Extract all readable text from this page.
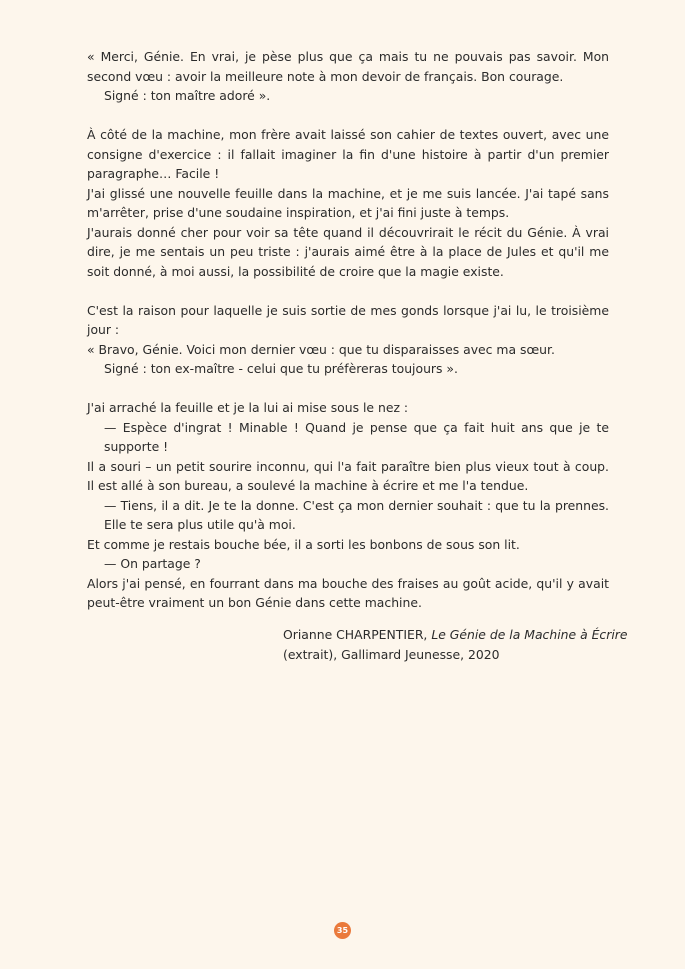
« Merci, Génie. En vrai, je pèse plus que ça mais tu ne pouvais pas savoir. Mon second vœu : avoir la meilleure note à mon devoir de français. Bon courage.

Signé : ton maître adoré ».

À côté de la machine, mon frère avait laissé son cahier de textes ouvert, avec une consigne d'exercice : il fallait imaginer la fin d'une histoire à partir d'un premier paragraphe… Facile !

J'ai glissé une nouvelle feuille dans la machine, et je me suis lancée. J'ai tapé sans m'arrêter, prise d'une soudaine inspiration, et j'ai fini juste à temps.

J'aurais donné cher pour voir sa tête quand il découvrirait le récit du Génie. À vrai dire, je me sentais un peu triste : j'aurais aimé être à la place de Jules et qu'il me soit donné, à moi aussi, la possibilité de croire que la magie existe.

C'est la raison pour laquelle je suis sortie de mes gonds lorsque j'ai lu, le troisième jour :

« Bravo, Génie. Voici mon dernier vœu : que tu disparaisses avec ma sœur.

Signé : ton ex-maître - celui que tu préfèreras toujours ».

J'ai arraché la feuille et je la lui ai mise sous le nez :

— Espèce d'ingrat ! Minable ! Quand je pense que ça fait huit ans que je te supporte !

Il a souri – un petit sourire inconnu, qui l'a fait paraître bien plus vieux tout à coup. Il est allé à son bureau, a soulevé la machine à écrire et me l'a tendue.

— Tiens, il a dit. Je te la donne. C'est ça mon dernier souhait : que tu la prennes. Elle te sera plus utile qu'à moi.

Et comme je restais bouche bée, il a sorti les bonbons de sous son lit.

— On partage ?

Alors j'ai pensé, en fourrant dans ma bouche des fraises au goût acide, qu'il y avait peut-être vraiment un bon Génie dans cette machine.

Orianne CHARPENTIER, Le Génie de la Machine à Écrire
(extrait), Gallimard Jeunesse, 2020
35
